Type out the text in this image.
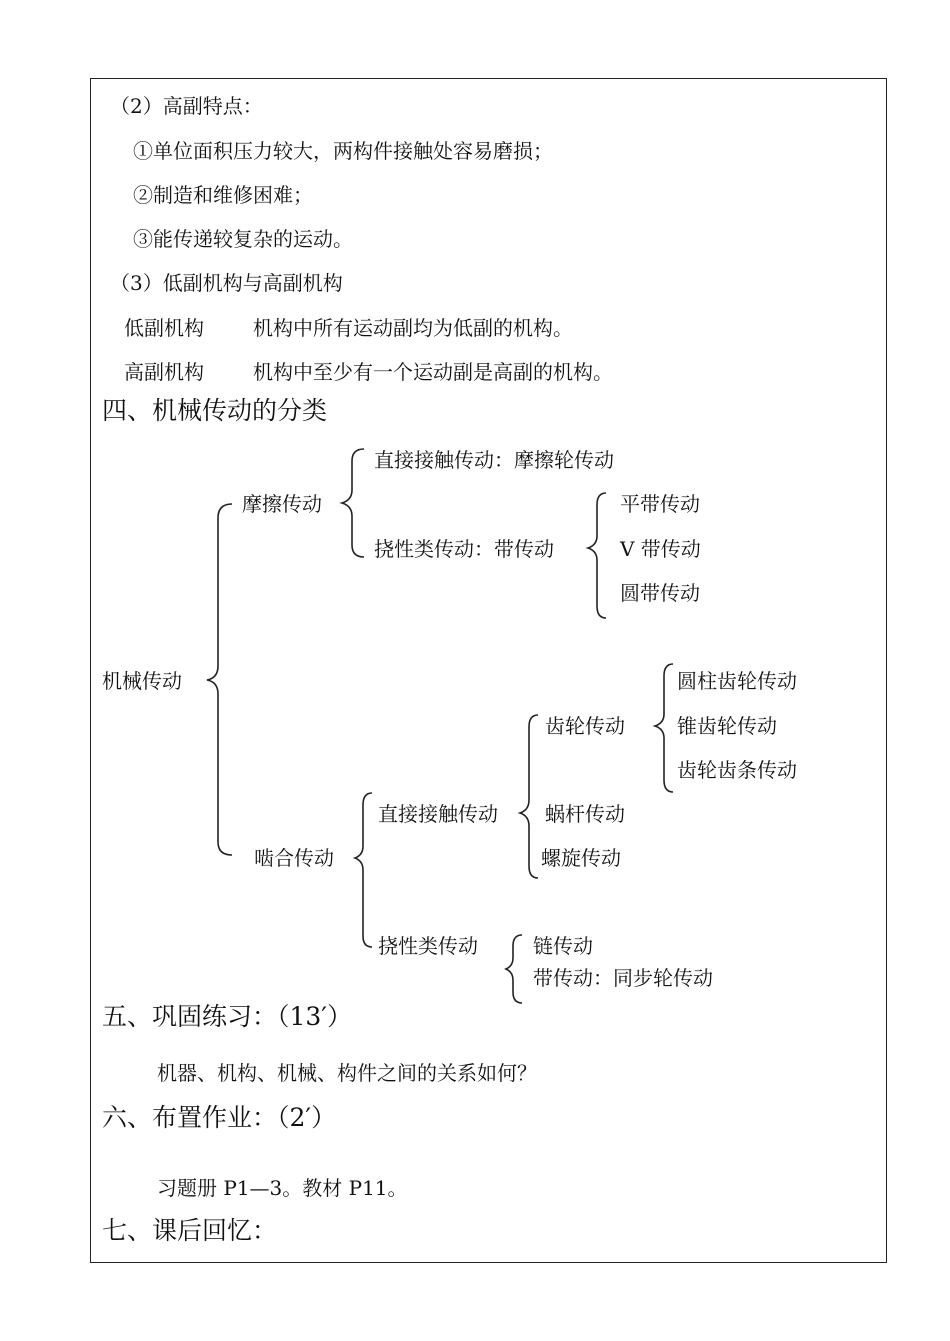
（2）高副特点：
①单位面积压力较大，两构件接触处容易磨损；
②制造和维修困难；
③能传递较复杂的运动。
（3）低副机构与高副机构
低副机构 机构中所有运动副均为低副的机构。
高副机构 机构中至少有一个运动副是高副的机构。
四、机械传动的分类
机械传动
摩擦传动
直接接触传动：摩擦轮传动
挠性类传动：带传动
平带传动
V 带传动
圆带传动
啮合传动
直接接触传动
齿轮传动
圆柱齿轮传动
锥齿轮传动
齿轮齿条传动
蜗杆传动
螺旋传动
挠性类传动	链传动
带传动：同步轮传动
五、巩固练习：（13′）
机器、机构、机械、构件之间的关系如何？
六、布置作业：（2′）
习题册 P1—3。教材 P11。
七、课后回忆：
